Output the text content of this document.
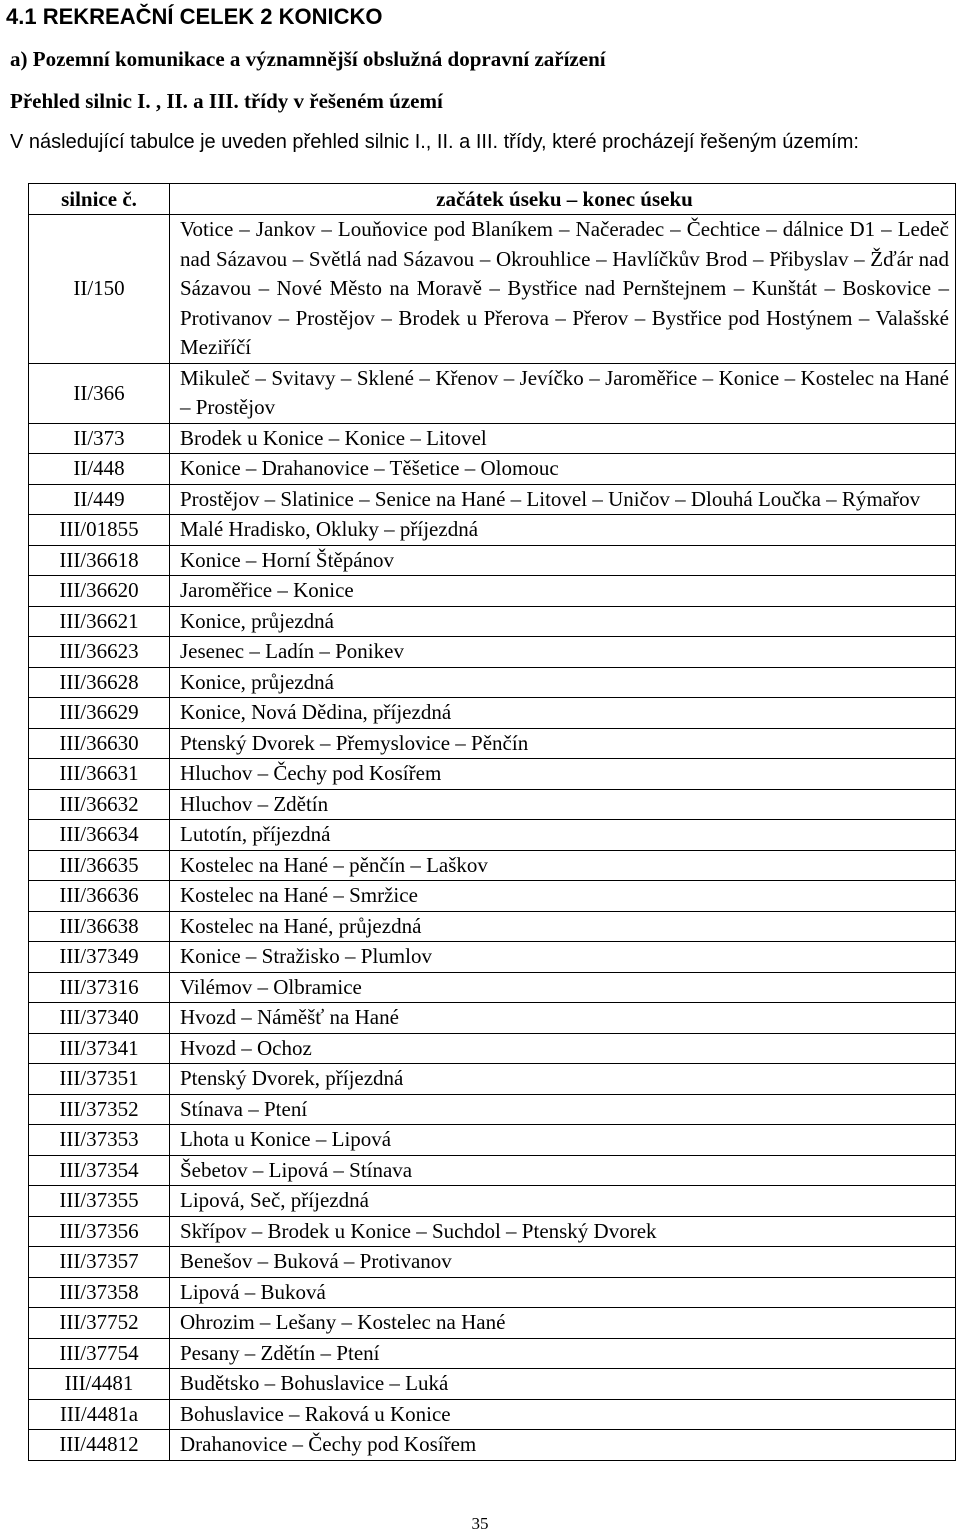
4.1 REKREAČNÍ CELEK 2 KONICKO
a) Pozemní komunikace a významnější obslužná dopravní zařízení
Přehled silnic I. , II. a III. třídy v řešeném území
V následující tabulce je uveden přehled silnic I., II. a III. třídy, které procházejí řešeným územím:
silnice č.	začátek úseku – konec úseku
II/150	Votice – Jankov – Louňovice pod Blaníkem – Načeradec – Čechtice – dálnice D1 – Ledeč nad Sázavou – Světlá nad Sázavou – Okrouhlice – Havlíčkův Brod – Přibyslav – Žďár nad Sázavou – Nové Město na Moravě – Bystřice nad Pernštejnem – Kunštát – Boskovice – Protivanov – Prostějov – Brodek u Přerova – Přerov – Bystřice pod Hostýnem – Valašské Meziříčí
II/366	Mikuleč – Svitavy – Sklené – Křenov – Jevíčko – Jaroměřice – Konice – Kostelec na Hané – Prostějov
II/373	Brodek u Konice – Konice – Litovel
II/448	Konice – Drahanovice – Těšetice – Olomouc
II/449	Prostějov – Slatinice – Senice na Hané – Litovel – Uničov – Dlouhá Loučka – Rýmařov
III/01855	Malé Hradisko, Okluky – příjezdná
III/36618	Konice – Horní Štěpánov
III/36620	Jaroměřice – Konice
III/36621	Konice, průjezdná
III/36623	Jesenec – Ladín – Ponikev
III/36628	Konice, průjezdná
III/36629	Konice, Nová Dědina, příjezdná
III/36630	Ptenský Dvorek – Přemyslovice – Pěnčín
III/36631	Hluchov – Čechy pod Kosířem
III/36632	Hluchov – Zdětín
III/36634	Lutotín, příjezdná
III/36635	Kostelec na Hané – pěnčín – Laškov
III/36636	Kostelec na Hané – Smržice
III/36638	Kostelec na Hané, průjezdná
III/37349	Konice – Stražisko – Plumlov
III/37316	Vilémov – Olbramice
III/37340	Hvozd – Náměšť na Hané
III/37341	Hvozd – Ochoz
III/37351	Ptenský Dvorek, příjezdná
III/37352	Stínava – Ptení
III/37353	Lhota u Konice – Lipová
III/37354	Šebetov – Lipová – Stínava
III/37355	Lipová, Seč, příjezdná
III/37356	Skřípov – Brodek u Konice – Suchdol – Ptenský Dvorek
III/37357	Benešov – Buková – Protivanov
III/37358	Lipová – Buková
III/37752	Ohrozim – Lešany – Kostelec na Hané
III/37754	Pesany – Zdětín – Ptení
III/4481	Budětsko – Bohuslavice – Luká
III/4481a	Bohuslavice – Raková u Konice
III/44812	Drahanovice – Čechy pod Kosířem
35
